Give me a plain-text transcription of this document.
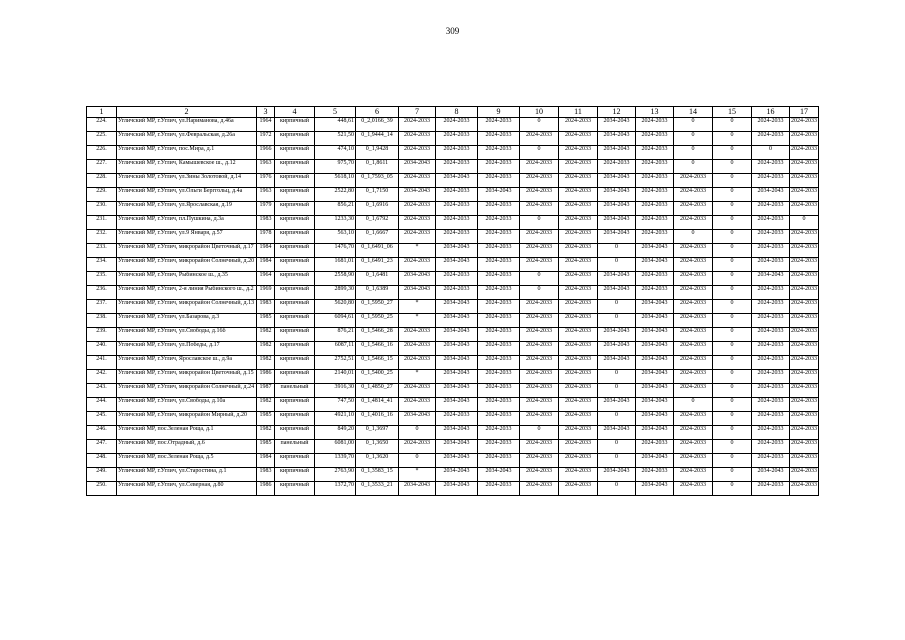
309
1	2	3	4	5	6	7	8	9	10	11	12	13	14	15	16	17
224.	Угличский МР, г.Углич, ул.Нариманова, д.46а	1964	кирпичный	448,61	0_2,0166_39	2024-2033	2024-2033	2024-2033	0	2024-2033	2034-2043	2024-2033	0	0	2024-2033	2024-2033
225.	Угличский МР, г.Углич, ул.Февральская, д.26а	1972	кирпичный	521,50	0_1,9444_14	2024-2033	2024-2033	2024-2033	2024-2033	2024-2033	2034-2043	2024-2033	0	0	2024-2033	2024-2033
226.	Угличский МР, г.Углич, пос.Мира, д.1	1966	кирпичный	474,10	0_1,9428	2024-2033	2024-2033	2024-2033	0	2024-2033	2034-2043	2024-2033	0	0	0	2024-2033
227.	Угличский МР, г.Углич, Камышевское ш., д.12	1963	кирпичный	975,70	0_1,8611	2034-2043	2024-2033	2024-2033	2024-2033	2024-2033	2024-2033	2024-2033	0	0	2024-2033	2024-2033
228.	Угличский МР, г.Углич, ул.Зины Золотовой, д.14	1976	кирпичный	5618,10	0_1,7593_05	2024-2033	2034-2043	2024-2033	2024-2033	2024-2033	2034-2043	2024-2033	2024-2033	0	2024-2033	2024-2033
229.	Угличский МР, г.Углич, ул.Ольги Берггольц, д.4а	1963	кирпичный	2522,80	0_1,7150	2034-2043	2024-2033	2034-2043	2024-2033	2024-2033	2034-2043	2024-2033	2024-2033	0	2034-2043	2024-2033
230.	Угличский МР, г.Углич, ул.Ярославская, д.19	1979	кирпичный	856,21	0_1,6916	2024-2033	2024-2033	2024-2033	2024-2033	2024-2033	2034-2043	2024-2033	2024-2033	0	2024-2033	2024-2033
231.	Угличский МР, г.Углич, пл.Пушкина, д.3а	1983	кирпичный	1233,30	0_1,6792	2024-2033	2024-2033	2024-2033	0	2024-2033	2034-2043	2024-2033	2024-2033	0	2024-2033	0
232.	Угличский МР, г.Углич, ул.9 Января, д.57	1978	кирпичный	563,10	0_1,6667	2024-2033	2024-2033	2024-2033	2024-2033	2024-2033	2034-2043	2024-2033	0	0	2024-2033	2024-2033
233.	Угличский МР, г.Углич, микрорайон Цветочный, д.17	1984	кирпичный	1476,70	0_1,6491_06	*	2034-2043	2024-2033	2024-2033	2024-2033	0	2034-2043	2024-2033	0	2024-2033	2024-2033
234.	Угличский МР, г.Углич, микрорайон Солнечный, д.20	1984	кирпичный	1681,01	0_1,6491_23	2024-2033	2034-2043	2024-2033	2024-2033	2024-2033	0	2034-2043	2024-2033	0	2024-2033	2024-2033
235.	Угличский МР, г.Углич, Рыбинское ш., д.35	1964	кирпичный	2558,90	0_1,6481	2034-2043	2024-2033	2024-2033	0	2024-2033	2034-2043	2024-2033	2024-2033	0	2034-2043	2024-2033
236.	Угличский МР, г.Углич, 2-я линия Рыбинского ш., д.2	1969	кирпичный	2899,30	0_1,6389	2034-2043	2024-2033	2024-2033	0	2024-2033	2034-2043	2024-2033	2024-2033	0	2024-2033	2024-2033
237.	Угличский МР, г.Углич, микрорайон Солнечный, д.13	1983	кирпичный	5620,80	0_1,5950_27	*	2034-2043	2024-2033	2024-2033	2024-2033	0	2034-2043	2024-2033	0	2024-2033	2024-2033
238.	Угличский МР, г.Углич, ул.Базарова, д.3	1985	кирпичный	6094,61	0_1,5950_25	*	2034-2043	2024-2033	2024-2033	2024-2033	0	2034-2043	2024-2033	0	2024-2033	2024-2033
239.	Угличский МР, г.Углич, ул.Свободы, д.16б	1982	кирпичный	876,21	0_1,5466_28	2024-2033	2034-2043	2024-2033	2024-2033	2024-2033	2034-2043	2034-2043	2024-2033	0	2024-2033	2024-2033
240.	Угличский МР, г.Углич, ул.Победы, д.17	1982	кирпичный	6087,11	0_1,5466_16	2024-2033	2034-2043	2024-2033	2024-2033	2024-2033	2034-2043	2034-2043	2024-2033	0	2024-2033	2024-2033
241.	Угличский МР, г.Углич, Ярославское ш., д.9а	1982	кирпичный	2752,51	0_1,5466_15	2024-2033	2034-2043	2024-2033	2024-2033	2024-2033	2034-2043	2034-2043	2024-2033	0	2024-2033	2024-2033
242.	Угличский МР, г.Углич, микрорайон Цветочный, д.15	1986	кирпичный	2140,01	0_1,5400_25	*	2034-2043	2024-2033	2024-2033	2024-2033	0	2034-2043	2024-2033	0	2024-2033	2024-2033
243.	Угличский МР, г.Углич, микрорайон Солнечный, д.24	1987	панельный	3916,30	0_1,4850_27	2024-2033	2034-2043	2024-2033	2024-2033	2024-2033	0	2034-2043	2024-2033	0	2024-2033	2024-2033
244.	Угличский МР, г.Углич, ул.Свободы, д.10а	1982	кирпичный	747,50	0_1,4814_41	2024-2033	2034-2043	2024-2033	2024-2033	2024-2033	2034-2043	2034-2043	0	0	2024-2033	2024-2033
245.	Угличский МР, г.Углич, микрорайон Мирный, д.20	1985	кирпичный	4921,10	0_1,4016_16	2034-2043	2024-2033	2024-2033	2024-2033	2024-2033	0	2034-2043	2024-2033	0	2024-2033	2024-2033
246.	Угличский МР, пос.Зеленая Роща, д.1	1982	кирпичный	849,20	0_1,3697	0	2034-2043	2024-2033	0	2024-2033	2034-2043	2034-2043	2024-2033	0	2024-2033	2024-2033
247.	Угличский МР, пос.Отрадный, д.6	1985	панельный	6081,00	0_1,3650	2024-2033	2034-2043	2024-2033	2024-2033	2024-2033	0	2024-2033	2024-2033	0	2024-2033	2024-2033
248.	Угличский МР, пос.Зеленая Роща, д.5	1984	кирпичный	1339,70	0_1,3620	0	2034-2043	2024-2033	2024-2033	2024-2033	0	2034-2043	2024-2033	0	2024-2033	2024-2033
249.	Угличский МР, г.Углич, ул.Старостина, д.1	1983	кирпичный	2763,90	0_1,3583_15	*	2034-2043	2034-2043	2024-2033	2024-2033	2034-2043	2024-2033	2024-2033	0	2034-2043	2024-2033
250.	Угличский МР, г.Углич, ул.Северная, д.80	1986	кирпичный	1372,70	0_1,3533_21	2034-2043	2034-2043	2024-2033	2024-2033	2024-2033	0	2034-2043	2024-2033	0	2024-2033	2024-2033
